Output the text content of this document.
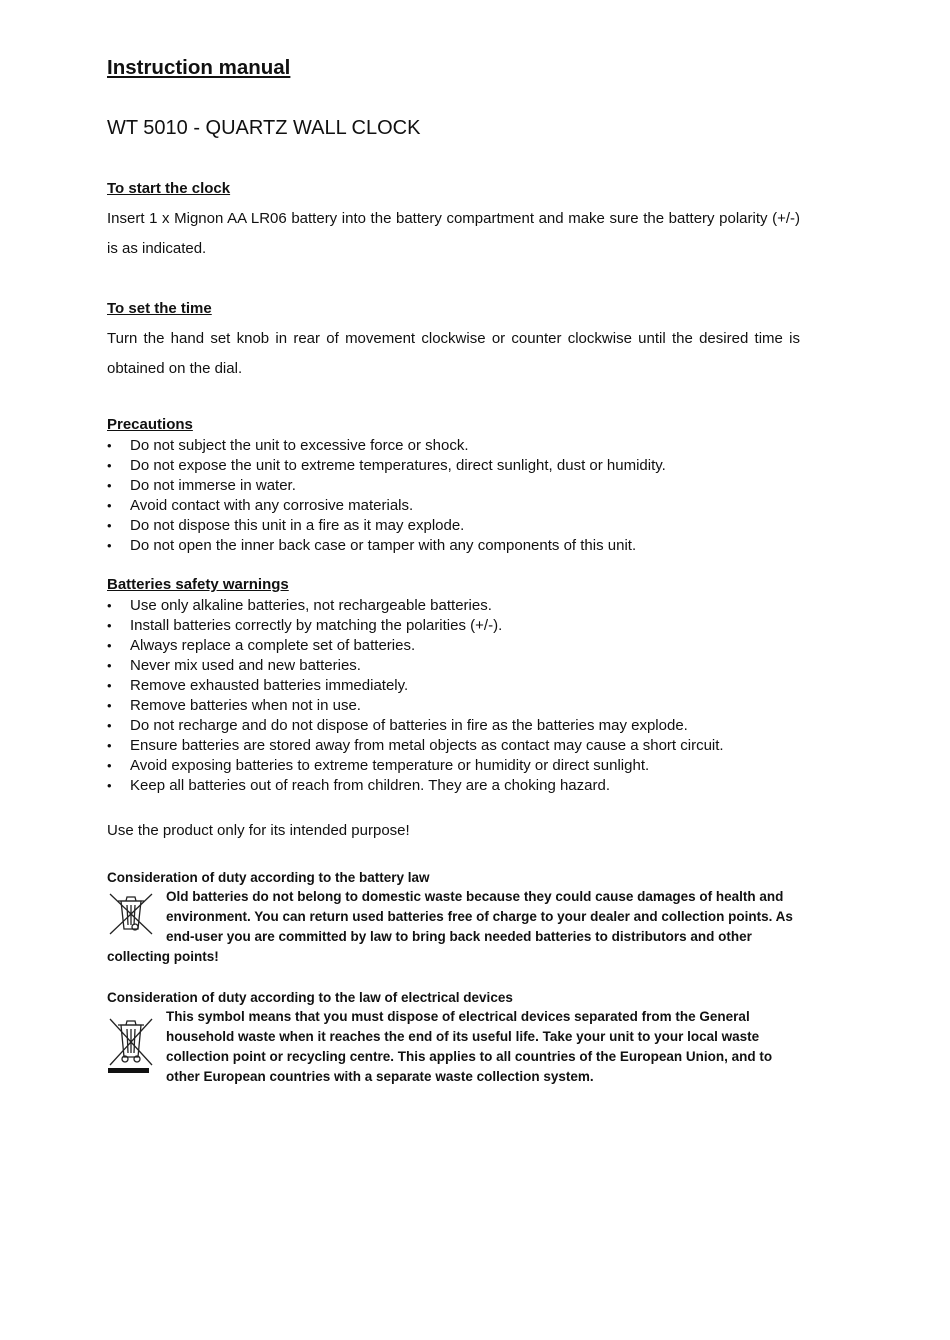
Instruction manual
WT 5010 - QUARTZ WALL CLOCK
To start the clock

Insert 1 x Mignon AA LR06 battery into the battery compartment and make sure the battery polarity (+/-) is as indicated.

To set the time

Turn the hand set knob in rear of movement clockwise or counter clockwise until the desired time is obtained on the dial.

Precautions
• Do not subject the unit to excessive force or shock.
• Do not expose the unit to extreme temperatures, direct sunlight, dust or humidity.
• Do not immerse in water.
• Avoid contact with any corrosive materials.
• Do not dispose this unit in a fire as it may explode.
• Do not open the inner back case or tamper with any components of this unit.
Batteries safety warnings
• Use only alkaline batteries, not rechargeable batteries.
• Install batteries correctly by matching the polarities (+/-).
• Always replace a complete set of batteries.
• Never mix used and new batteries.
• Remove exhausted batteries immediately.
• Remove batteries when not in use.
• Do not recharge and do not dispose of batteries in fire as the batteries may explode.
• Ensure batteries are stored away from metal objects as contact may cause a short circuit.
• Avoid exposing batteries to extreme temperature or humidity or direct sunlight.
• Keep all batteries out of reach from children. They are a choking hazard.

Use the product only for its intended purpose!

Consideration of duty according to the battery law

Old batteries do not belong to domestic waste because they could cause damages of health and environment. You can return used batteries free of charge to your dealer and collection points. As end-user you are committed by law to bring back needed batteries to distributors and other collecting points!

Consideration of duty according to the law of electrical devices

This symbol means that you must dispose of electrical devices separated from the General household waste when it reaches the end of its useful life. Take your unit to your local waste collection point or recycling centre. This applies to all countries of the European Union, and to other European countries with a separate waste collection system.
